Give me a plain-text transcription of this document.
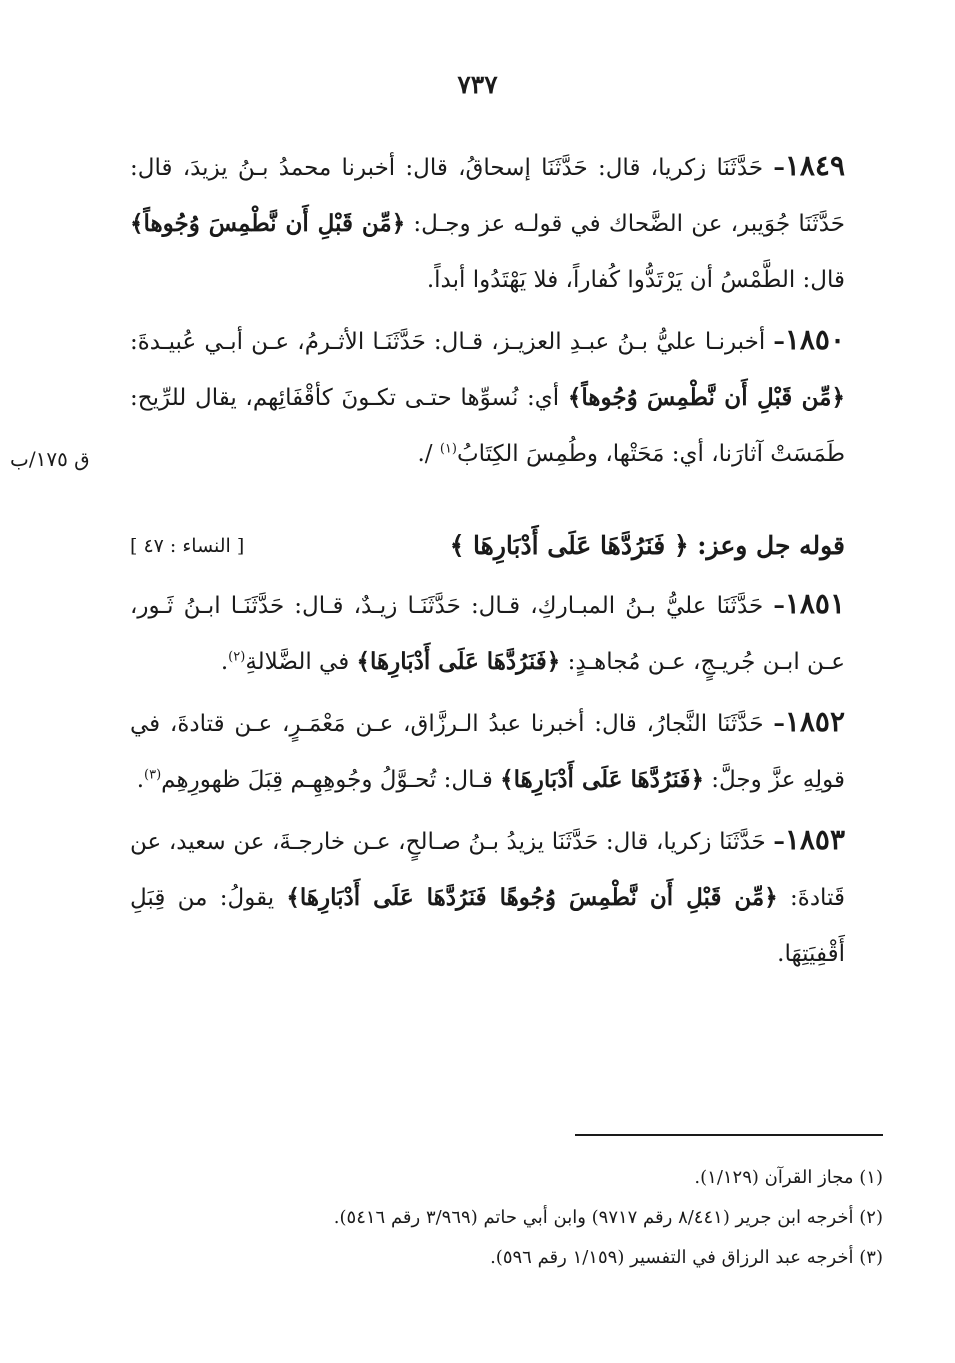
٧٣٧
ق ١٧٥/ب

١٨٤٩– حَدَّثَنَا زكريا، قال: حَدَّثَنَا إسحاقُ، قال: أخبرنا محمدُ بـنُ يزيدَ، قال: حَدَّثَنَا جُوَيبر، عن الضَّحاك في قولـه عز وجـل: ﴿مِّن قَبْلِ أَن نَّطْمِسَ وُجُوهاً﴾ قال: الطَّمْسُ أن يَرْتَدُّوا كُفاراً، فلا يَهْتَدُوا أبداً.

١٨٥٠– أخبرنـا عليُّ بـنُ عبـدِ العزيـز، قـال: حَدَّثَنَـا الأثـرمُ، عـن أبـي عُبيـدةَ: ﴿مِّن قَبْلِ أَن نَّطْمِسَ وُجُوهاً﴾ أي: نُسوِّها حتـى تكـونَ كأقْفَائِهم، يقال للرِّيح: طَمَسَتْ آثارَنا، أي: مَحَتْها، وطُمِسَ الكِتَابُ$^{(١)}$ /.

قوله جل وعز: ﴿ فَنَرُدَّهَا عَلَى أَدْبَارِهَا ﴾
[ النساء : ٤٧ ]

١٨٥١– حَدَّثَنَا عليُّ بـنُ المبـاركِ، قـال: حَدَّثَنَـا زيـدٌ، قـال: حَدَّثَنَـا ابـنُ ثَـور، عـن ابـن جُريـجٍ، عـن مُجاهـدٍ: ﴿فَنَرُدَّهَا عَلَى أَدْبَارِهَا﴾ في الضَّلالةِ$^{(٢)}$.

١٨٥٢– حَدَّثَنَا النَّجارُ، قال: أخبرنا عبدُ الـرزَّاق، عـن مَعْمَـرٍ، عـن قتادةَ، في قولِهِ عزَّ وجلَّ: ﴿فَنَرُدَّهَا عَلَى أَدْبَارِهَا﴾ قـال: تُحـوَّلُ وجُوهِهِـم قِبَلَ ظهورِهِم$^{(٣)}$.

١٨٥٣– حَدَّثَنَا زكريا، قال: حَدَّثَنَا يزيدُ بـنُ صـالحٍ، عـن خارجـةَ، عن سعيد، عن قَتادةَ: ﴿مِّن قَبْلِ أَن نَّطْمِسَ وُجُوهًا فَنَرُدَّهَا عَلَى أَدْبَارِهَا﴾ يقولُ: من قِبَلِ أَقْفِيَتِهَا.

(١) مجاز القرآن (١/١٢٩).
(٢) أخرجه ابن جرير (٨/٤٤١ رقم ٩٧١٧) وابن أبي حاتم (٣/٩٦٩ رقم ٥٤١٦).
(٣) أخرجه عبد الرزاق في التفسير (١/١٥٩ رقم ٥٩٦).
